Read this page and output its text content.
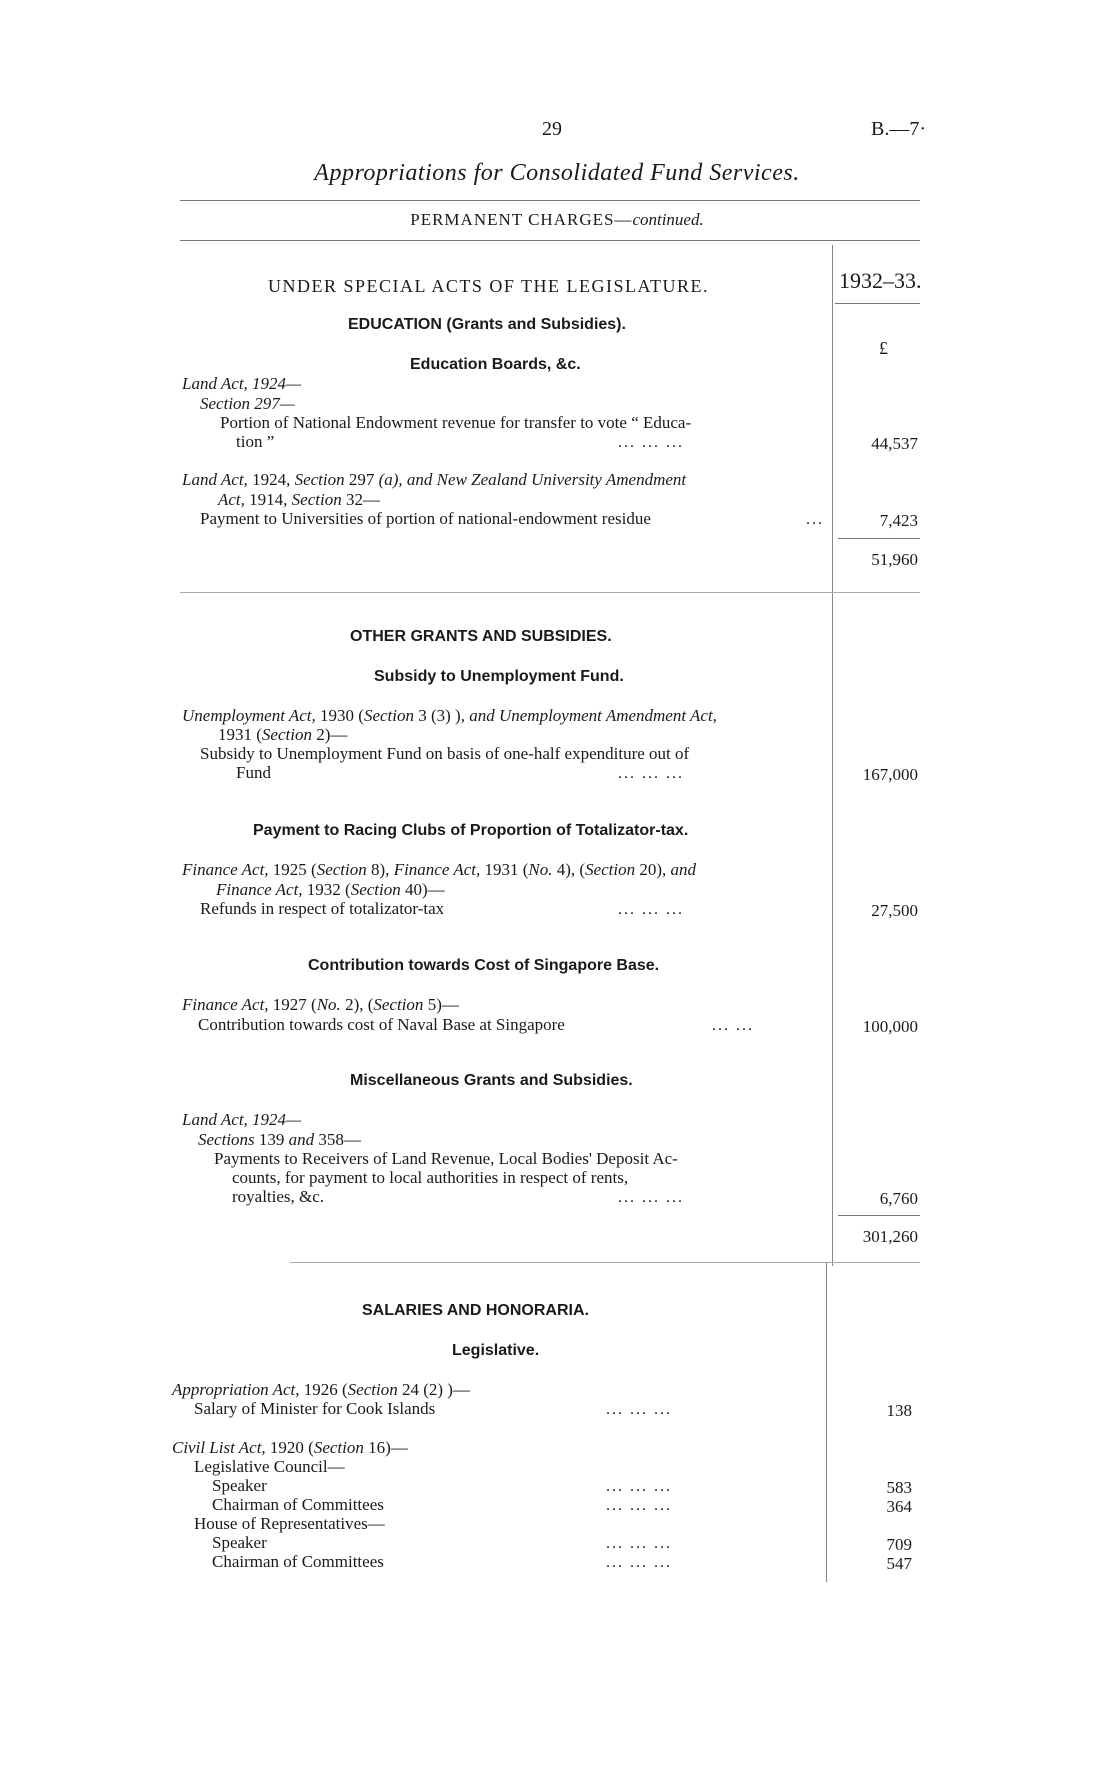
29	B.—7·
Appropriations for Consolidated Fund Services.
PERMANENT CHARGES—continued.
1932–33.
£
UNDER SPECIAL ACTS OF THE LEGISLATURE.
EDUCATION (Grants and Subsidies).
Education Boards, &c.
Land Act, 1924—
Section 297—
Portion of National Endowment revenue for transfer to vote “ Educa-
tion ”	... ... ...	44,537
Land Act, 1924, Section 297 (a), and New Zealand University Amendment
Act, 1914, Section 32—
Payment to Universities of portion of national-endowment residue	...	7,423
51,960
OTHER GRANTS AND SUBSIDIES.
Subsidy to Unemployment Fund.
Unemployment Act, 1930 (Section 3 (3) ), and Unemployment Amendment Act,
1931 (Section 2)—
Subsidy to Unemployment Fund on basis of one-half expenditure out of
Fund	... ... ...	167,000
Payment to Racing Clubs of Proportion of Totalizator-tax.
Finance Act, 1925 (Section 8), Finance Act, 1931 (No. 4), (Section 20), and
Finance Act, 1932 (Section 40)—
Refunds in respect of totalizator-tax	... ... ...	27,500
Contribution towards Cost of Singapore Base.
Finance Act, 1927 (No. 2), (Section 5)—
Contribution towards cost of Naval Base at Singapore	... ...	100,000
Miscellaneous Grants and Subsidies.
Land Act, 1924—
Sections 139 and 358—
Payments to Receivers of Land Revenue, Local Bodies' Deposit Ac-
counts, for payment to local authorities in respect of rents,
royalties, &c.	... ... ...	6,760
301,260
SALARIES AND HONORARIA.
Legislative.
Appropriation Act, 1926 (Section 24 (2) )—
Salary of Minister for Cook Islands	... ... ...	138
Civil List Act, 1920 (Section 16)—
Legislative Council—
Speaker	... ... ...	583
Chairman of Committees	... ... ...	364
House of Representatives—
Speaker	... ... ...	709
Chairman of Committees	... ... ...	547
